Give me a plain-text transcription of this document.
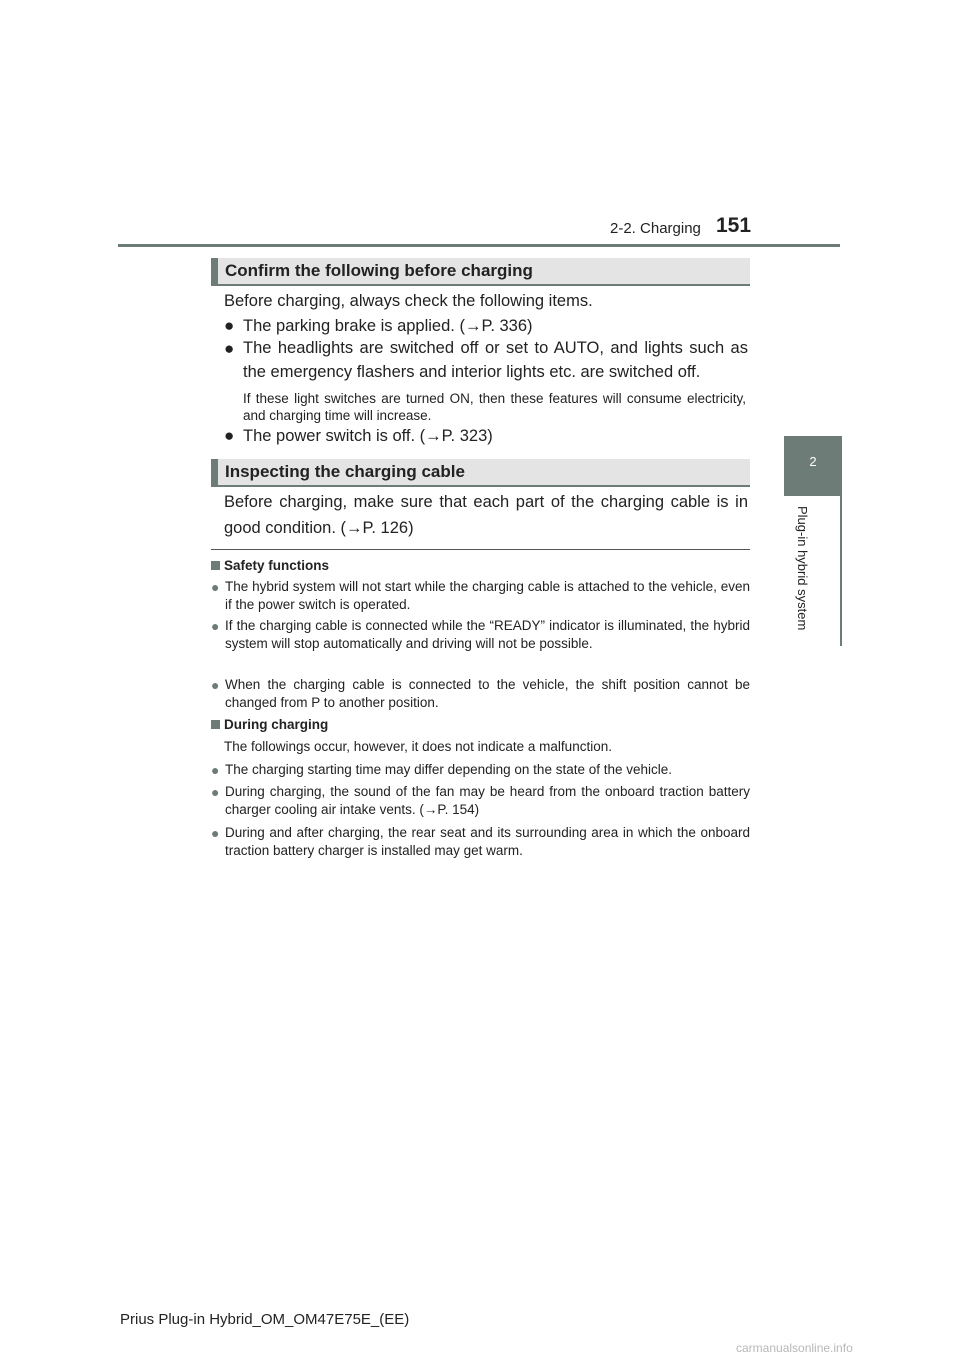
2-2. Charging 151
2
Plug-in hybrid system
Confirm the following before charging
Before charging, always check the following items.
● The parking brake is applied. (→P. 336)
● The headlights are switched off or set to AUTO, and lights such as the emergency flashers and interior lights etc. are switched off.
If these light switches are turned ON, then these features will consume electricity, and charging time will increase.
● The power switch is off. (→P. 323)
Inspecting the charging cable
Before charging, make sure that each part of the charging cable is in good condition. (→P. 126)
Safety functions
● The hybrid system will not start while the charging cable is attached to the vehicle, even if the power switch is operated.
● If the charging cable is connected while the “READY” indicator is illuminated, the hybrid system will stop automatically and driving will not be possible.
● When the charging cable is connected to the vehicle, the shift position cannot be changed from P to another position.
During charging
The followings occur, however, it does not indicate a malfunction.
● The charging starting time may differ depending on the state of the vehicle.
● During charging, the sound of the fan may be heard from the onboard traction battery charger cooling air intake vents. (→P. 154)
● During and after charging, the rear seat and its surrounding area in which the onboard traction battery charger is installed may get warm.
Prius Plug-in Hybrid_OM_OM47E75E_(EE)
carmanualsonline.info
